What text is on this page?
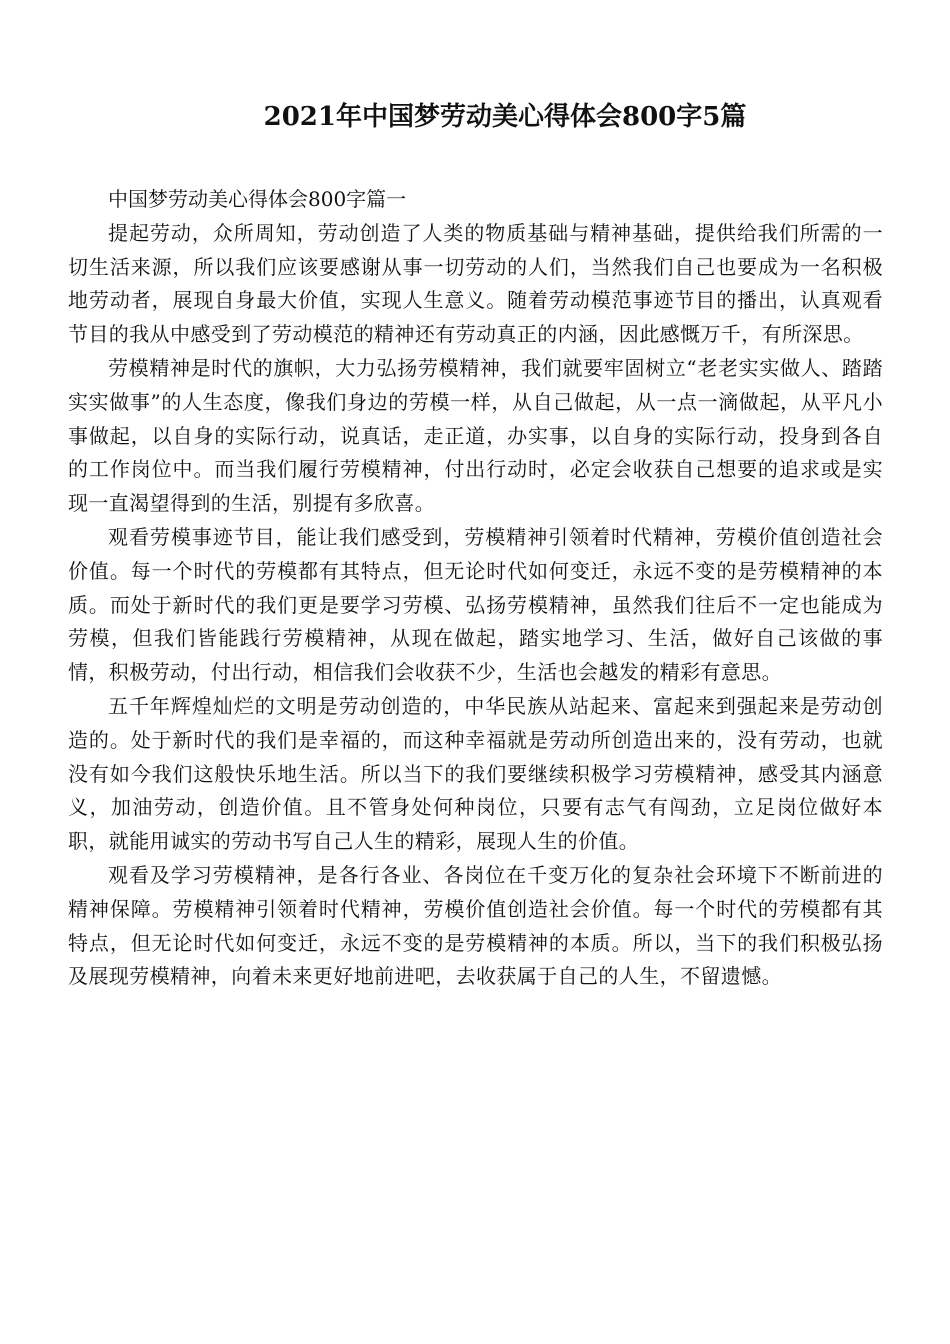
2021年中国梦劳动美心得体会800字5篇

中国梦劳动美心得体会800字篇一

提起劳动，众所周知，劳动创造了人类的物质基础与精神基础，提供给我们所需的一切生活来源，所以我们应该要感谢从事一切劳动的人们，当然我们自己也要成为一名积极地劳动者，展现自身最大价值，实现人生意义。随着劳动模范事迹节目的播出，认真观看节目的我从中感受到了劳动模范的精神还有劳动真正的内涵，因此感慨万千，有所深思。

劳模精神是时代的旗帜，大力弘扬劳模精神，我们就要牢固树立“老老实实做人、踏踏实实做事”的人生态度，像我们身边的劳模一样，从自己做起，从一点一滴做起，从平凡小事做起，以自身的实际行动，说真话，走正道，办实事，以自身的实际行动，投身到各自的工作岗位中。而当我们履行劳模精神，付出行动时，必定会收获自己想要的追求或是实现一直渴望得到的生活，别提有多欣喜。

观看劳模事迹节目，能让我们感受到，劳模精神引领着时代精神，劳模价值创造社会价值。每一个时代的劳模都有其特点，但无论时代如何变迁，永远不变的是劳模精神的本质。而处于新时代的我们更是要学习劳模、弘扬劳模精神，虽然我们往后不一定也能成为劳模，但我们皆能践行劳模精神，从现在做起，踏实地学习、生活，做好自己该做的事情，积极劳动，付出行动，相信我们会收获不少，生活也会越发的精彩有意思。

五千年辉煌灿烂的文明是劳动创造的，中华民族从站起来、富起来到强起来是劳动创造的。处于新时代的我们是幸福的，而这种幸福就是劳动所创造出来的，没有劳动，也就没有如今我们这般快乐地生活。所以当下的我们要继续积极学习劳模精神，感受其内涵意义，加油劳动，创造价值。且不管身处何种岗位，只要有志气有闯劲，立足岗位做好本职，就能用诚实的劳动书写自己人生的精彩，展现人生的价值。

观看及学习劳模精神，是各行各业、各岗位在千变万化的复杂社会环境下不断前进的精神保障。劳模精神引领着时代精神，劳模价值创造社会价值。每一个时代的劳模都有其特点，但无论时代如何变迁，永远不变的是劳模精神的本质。所以，当下的我们积极弘扬及展现劳模精神，向着未来更好地前进吧，去收获属于自己的人生，不留遗憾。
